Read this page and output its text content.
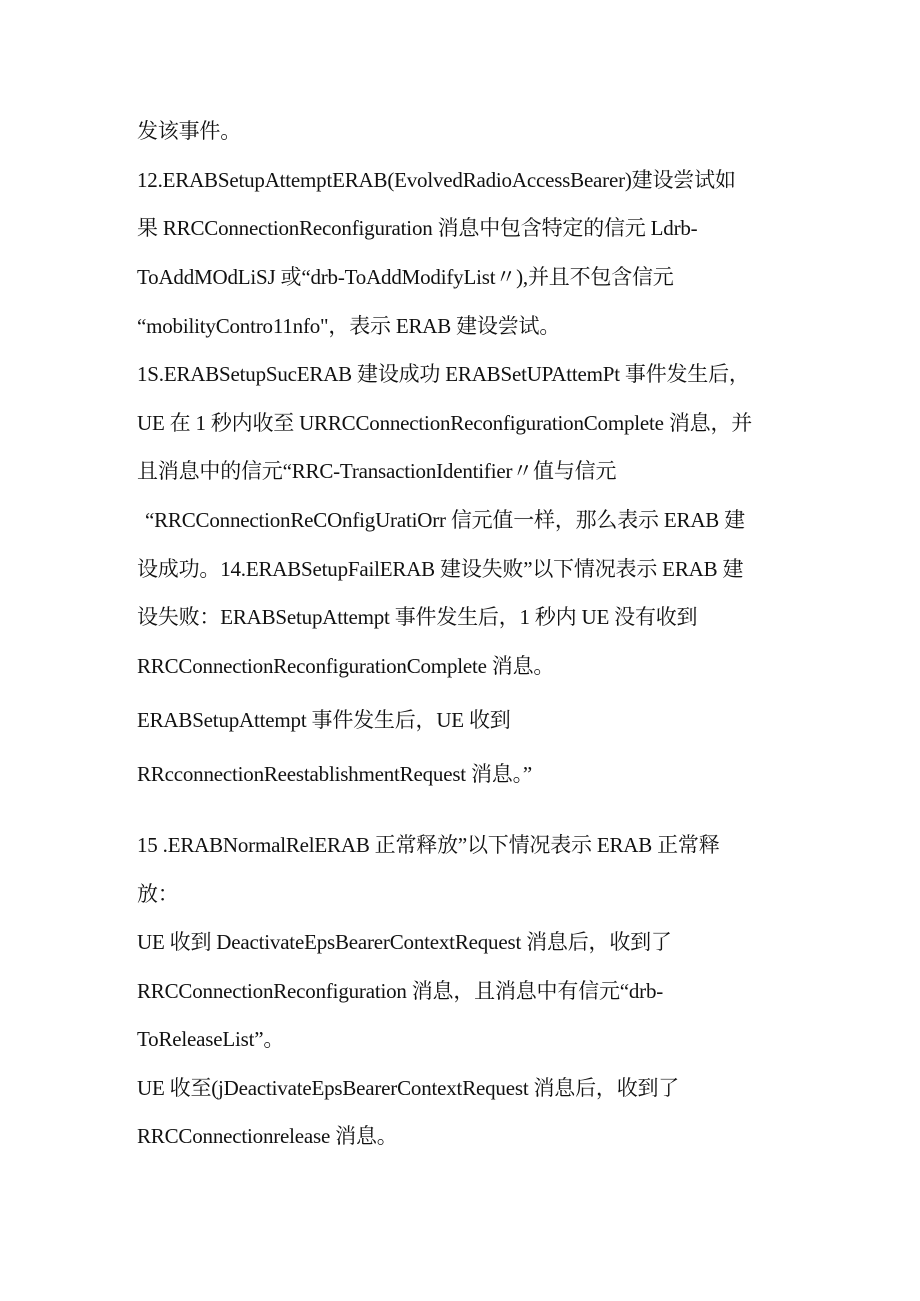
发该事件。
12.ERABSetupAttemptERAB(EvolvedRadioAccessBearer)建设尝试如
果 RRCConnectionReconfiguration 消息中包含特定的信元 Ldrb-
ToAddMOdLiSJ 或“drb-ToAddModifyList〃),并且不包含信元
“mobilityContro11nfo"，表示 ERAB 建设尝试。
1S.ERABSetupSucERAB 建设成功 ERABSetUPAttemPt 事件发生后，
UE 在 1 秒内收至 URRCConnectionReconfigurationComplete 消息，并
且消息中的信元“RRC-TransactionIdentifier〃值与信元
“RRCConnectionReCOnfigUratiOrr 信元值一样，那么表示 ERAB 建
设成功。14.ERABSetupFailERAB 建设失败”以下情况表示 ERAB 建
设失败：ERABSetupAttempt 事件发生后，1 秒内 UE 没有收到
RRCConnectionReconfigurationComplete 消息。
ERABSetupAttempt 事件发生后，UE 收到
RRcconnectionReestablishmentRequest 消息。”
15 .ERABNormalRelERAB 正常释放”以下情况表示 ERAB 正常释
放：
UE 收到 DeactivateEpsBearerContextRequest 消息后，收到了
RRCConnectionReconfiguration 消息，且消息中有信元“drb-
ToReleaseList”。
UE 收至(jDeactivateEpsBearerContextRequest 消息后，收到了
RRCConnectionrelease 消息。
